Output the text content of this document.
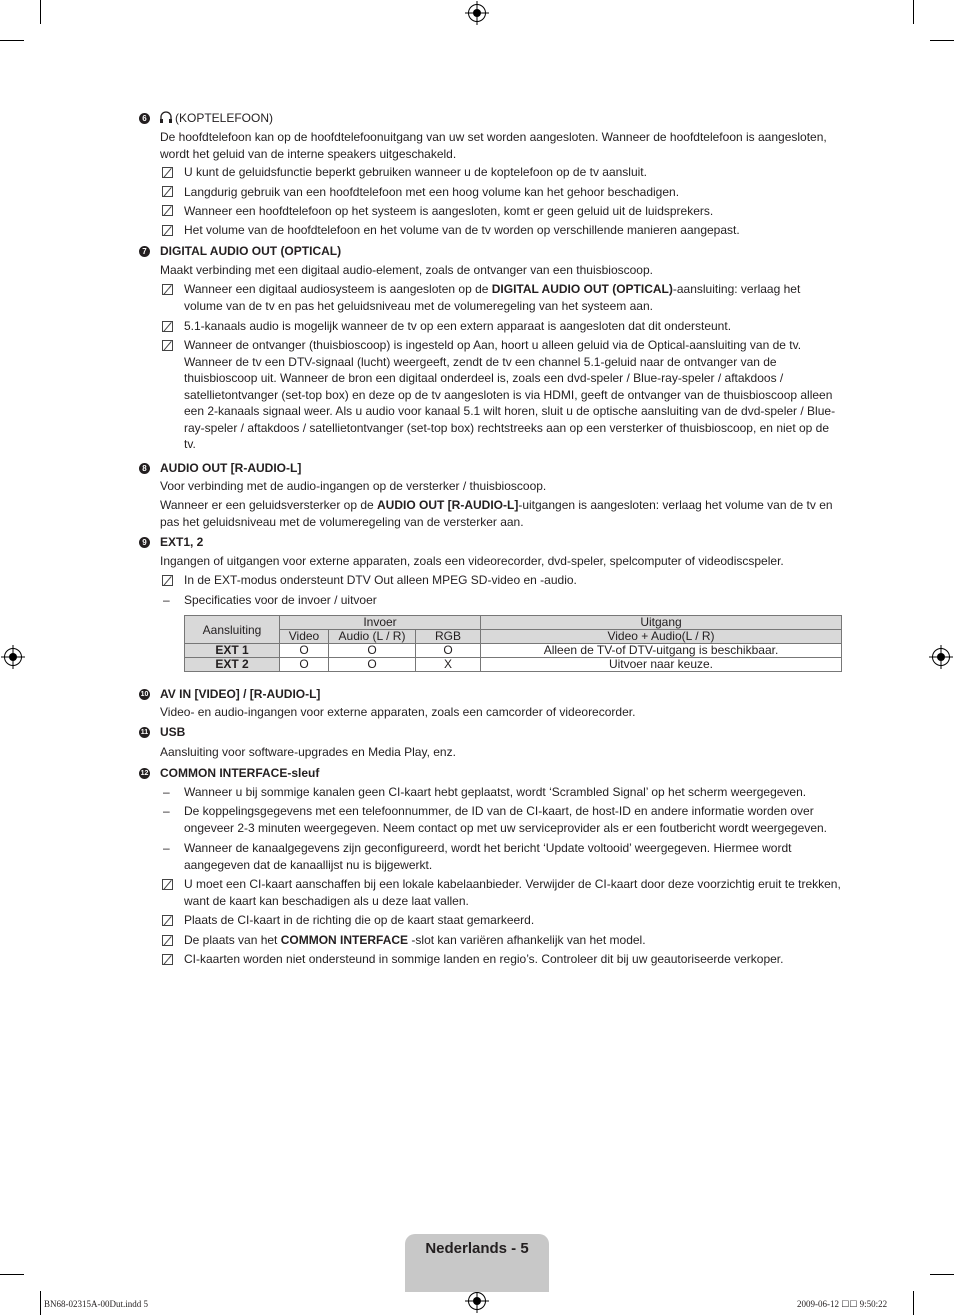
6 (KOPTELEFOON)
De hoofdtelefoon kan op de hoofdtelefoonuitgang van uw set worden aangesloten. Wanneer de hoofdtelefoon is aangesloten, wordt het geluid van de interne speakers uitgeschakeld.
U kunt de geluidsfunctie beperkt gebruiken wanneer u de koptelefoon op de tv aansluit.
Langdurig gebruik van een hoofdtelefoon met een hoog volume kan het gehoor beschadigen.
Wanneer een hoofdtelefoon op het systeem is aangesloten, komt er geen geluid uit de luidsprekers.
Het volume van de hoofdtelefoon en het volume van de tv worden op verschillende manieren aangepast.
7 DIGITAL AUDIO OUT (OPTICAL)
Maakt verbinding met een digitaal audio-element, zoals de ontvanger van een thuisbioscoop.
Wanneer een digitaal audiosysteem is aangesloten op de DIGITAL AUDIO OUT (OPTICAL)-aansluiting: verlaag het volume van de tv en pas het geluidsniveau met de volumeregeling van het systeem aan.
5.1-kanaals audio is mogelijk wanneer de tv op een extern apparaat is aangesloten dat dit ondersteunt.
Wanneer de ontvanger (thuisbioscoop) is ingesteld op Aan, hoort u alleen geluid via de Optical-aansluiting van de tv. Wanneer de tv een DTV-signaal (lucht) weergeeft, zendt de tv een channel 5.1-geluid naar de ontvanger van de thuisbioscoop uit. Wanneer de bron een digitaal onderdeel is, zoals een dvd-speler / Blue-ray-speler / aftakdoos / satellietontvanger (set-top box) en deze op de tv aangesloten is via HDMI, geeft de ontvanger van de thuisbioscoop alleen een 2-kanaals signaal weer. Als u audio voor kanaal 5.1 wilt horen, sluit u de optische aansluiting van de dvd-speler / Blue-ray-speler / aftakdoos / satellietontvanger (set-top box) rechtstreeks aan op een versterker of thuisbioscoop, en niet op de tv.
8 AUDIO OUT [R-AUDIO-L]
Voor verbinding met de audio-ingangen op de versterker / thuisbioscoop.
Wanneer er een geluidsversterker op de AUDIO OUT [R-AUDIO-L]-uitgangen is aangesloten: verlaag het volume van de tv en pas het geluidsniveau met de volumeregeling van de versterker aan.
9 EXT1, 2
Ingangen of uitgangen voor externe apparaten, zoals een videorecorder, dvd-speler, spelcomputer of videodiscspeler.
In de EXT-modus ondersteunt DTV Out alleen MPEG SD-video en -audio.
– Specificaties voor de invoer / uitvoer
Aansluiting	Invoer			Uitgang
	Video	Audio (L / R)	RGB	Video + Audio(L / R)
EXT 1	O	O	O	Alleen de TV-of DTV-uitgang is beschikbaar.
EXT 2	O	O	X	Uitvoer naar keuze.
10 AV IN [VIDEO] / [R-AUDIO-L]
Video- en audio-ingangen voor externe apparaten, zoals een camcorder of videorecorder.
11 USB
Aansluiting voor software-upgrades en Media Play, enz.
12 COMMON INTERFACE-sleuf
– Wanneer u bij sommige kanalen geen CI-kaart hebt geplaatst, wordt ‘Scrambled Signal’ op het scherm weergegeven.
– De koppelingsgegevens met een telefoonnummer, de ID van de CI-kaart, de host-ID en andere informatie worden over ongeveer 2-3 minuten weergegeven. Neem contact op met uw serviceprovider als er een foutbericht wordt weergegeven.
– Wanneer de kanaalgegevens zijn geconfigureerd, wordt het bericht ‘Update voltooid’ weergegeven. Hiermee wordt aangegeven dat de kanaallijst nu is bijgewerkt.
U moet een CI-kaart aanschaffen bij een lokale kabelaanbieder. Verwijder de CI-kaart door deze voorzichtig eruit te trekken, want de kaart kan beschadigen als u deze laat vallen.
Plaats de CI-kaart in de richting die op de kaart staat gemarkeerd.
De plaats van het COMMON INTERFACE -slot kan variëren afhankelijk van het model.
CI-kaarten worden niet ondersteund in sommige landen en regio’s. Controleer dit bij uw geautoriseerde verkoper.
Nederlands - 5
BN68-02315A-00Dut.indd 5	2009-06-12 ☐☐ 9:50:22
